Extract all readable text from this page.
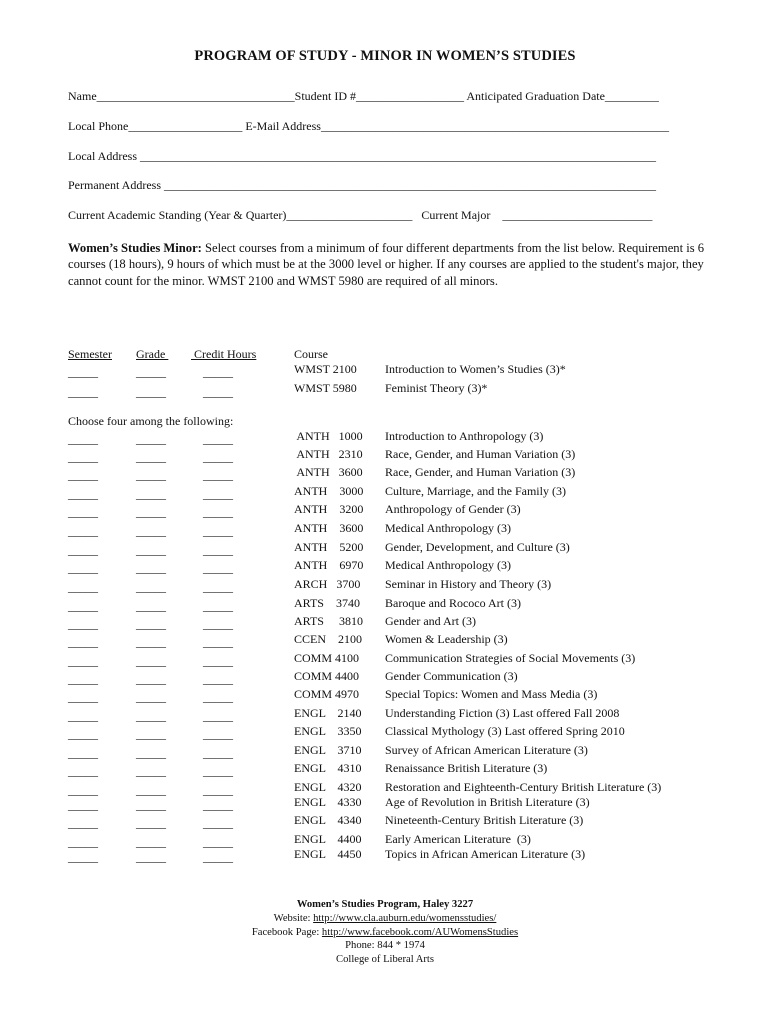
PROGRAM OF STUDY - MINOR IN WOMEN’S STUDIES
Name_________________________________Student ID #__________________ Anticipated Graduation Date_________
Local Phone___________________ E-Mail Address__________________________________________________________
Local Address ______________________________________________________________________________________
Permanent Address __________________________________________________________________________________
Current Academic Standing (Year & Quarter)_____________________   Current Major    _________________________
Women’s Studies Minor: Select courses from a minimum of four different departments from the list below. Requirement is 6 courses (18 hours), 9 hours of which must be at the 3000 level or higher. If any courses are applied to the student's major, they cannot count for the minor. WMST 2100 and WMST 5980 are required of all minors.
Semester Grade Credit Hours	Course
_____	_____	_____	WMST 2100 Introduction to Women’s Studies (3)*
_____	_____	_____	WMST 5980 Feminist Theory (3)*
Choose four among the following:
_____	_____	_____	ANTH   1000 Introduction to Anthropology (3)
_____	_____	_____	ANTH   2310 Race, Gender, and Human Variation (3)
_____	_____	_____	ANTH   3600 Race, Gender, and Human Variation (3)
_____	_____	_____	ANTH    3000 Culture, Marriage, and the Family (3)
_____	_____	_____	ANTH    3200 Anthropology of Gender (3)
_____	_____	_____	ANTH    3600 Medical Anthropology (3)
_____	_____	_____	ANTH    5200 Gender, Development, and Culture (3)
_____	_____	_____	ANTH    6970 Medical Anthropology (3)
_____	_____	_____	ARCH   3700 Seminar in History and Theory (3)
_____	_____	_____	ARTS    3740 Baroque and Rococo Art (3)
_____	_____	_____	ARTS     3810 Gender and Art (3)
_____	_____	_____	CCEN    2100 Women & Leadership (3)
_____	_____	_____	COMM 4100 Communication Strategies of Social Movements (3)
_____	_____	_____	COMM 4400 Gender Communication (3)
_____	_____	_____	COMM 4970 Special Topics: Women and Mass Media (3)
_____	_____	_____	ENGL    2140 Understanding Fiction (3) Last offered Fall 2008
_____	_____	_____	ENGL    3350 Classical Mythology (3) Last offered Spring 2010
_____	_____	_____	ENGL    3710 Survey of African American Literature (3)
_____	_____	_____	ENGL    4310 Renaissance British Literature (3)
_____	_____	_____	ENGL    4320 Restoration and Eighteenth-Century British Literature (3)
_____	_____	_____	ENGL    4330 Age of Revolution in British Literature (3)
_____	_____	_____	ENGL    4340 Nineteenth-Century British Literature (3)
_____	_____	_____	ENGL    4400 Early American Literature  (3)
_____	_____	_____	ENGL    4450 Topics in African American Literature (3)
Women’s Studies Program, Haley 3227
Website: http://www.cla.auburn.edu/womensstudies/
Facebook Page: http://www.facebook.com/AUWomensStudies
Phone: 844 * 1974
College of Liberal Arts
